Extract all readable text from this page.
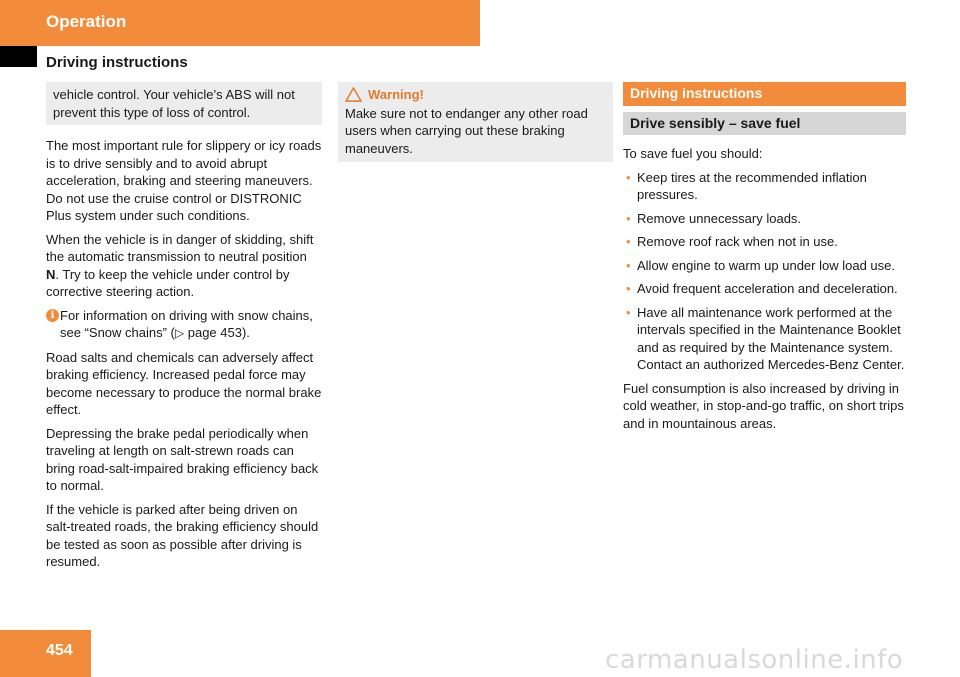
Operation
Driving instructions

vehicle control. Your vehicle’s ABS will not prevent this type of loss of control.

The most important rule for slippery or icy roads is to drive sensibly and to avoid abrupt acceleration, braking and steering maneuvers. Do not use the cruise control or DISTRONIC Plus system under such conditions.

When the vehicle is in danger of skidding, shift the automatic transmission to neutral position N. Try to keep the vehicle under control by corrective steering action.

i For information on driving with snow chains, see “Snow chains” (▷ page 453).

Road salts and chemicals can adversely affect braking efficiency. Increased pedal force may become necessary to produce the normal brake effect.

Depressing the brake pedal periodically when traveling at length on salt-strewn roads can bring road-salt-impaired braking efficiency back to normal.

If the vehicle is parked after being driven on salt-treated roads, the braking efficiency should be tested as soon as possible after driving is resumed.

Warning!

Make sure not to endanger any other road users when carrying out these braking maneuvers.

Driving instructions
Drive sensibly – save fuel

To save fuel you should:

• Keep tires at the recommended inflation pressures.
• Remove unnecessary loads.
• Remove roof rack when not in use.
• Allow engine to warm up under low load use.
• Avoid frequent acceleration and deceleration.
• Have all maintenance work performed at the intervals specified in the Maintenance Booklet and as required by the Maintenance system. Contact an authorized Mercedes-Benz Center.

Fuel consumption is also increased by driving in cold weather, in stop-and-go traffic, on short trips and in mountainous areas.

454	carmanualsonline.info
